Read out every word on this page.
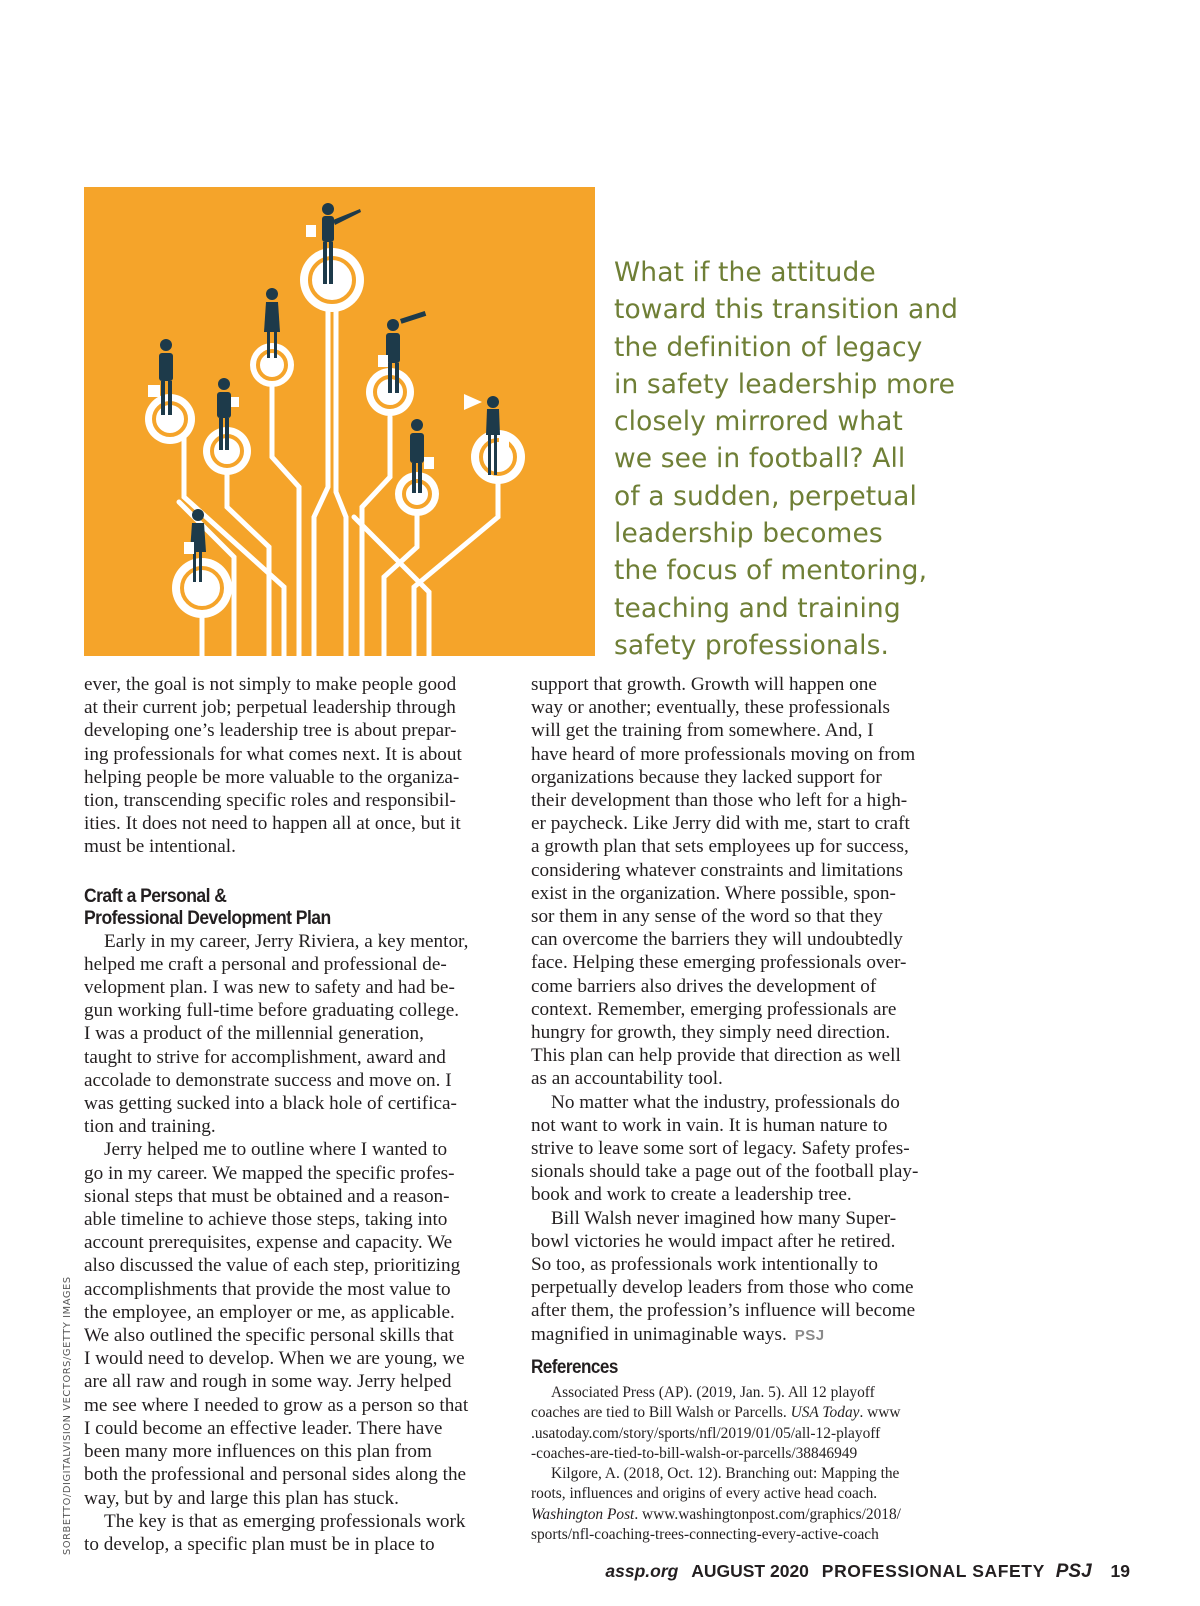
What if the attitude
toward this transition and
the definition of legacy
in safety leadership more
closely mirrored what
we see in football? All
of a sudden, perpetual
leadership becomes
the focus of mentoring,
teaching and training
safety professionals.

ever, the goal is not simply to make people good
at their current job; perpetual leadership through
developing one’s leadership tree is about prepar-
ing professionals for what comes next. It is about
helping people be more valuable to the organiza-
tion, transcending specific roles and responsibil-
ities. It does not need to happen all at once, but it
must be intentional.

Craft a Personal &
Professional Development Plan

Early in my career, Jerry Riviera, a key mentor,
helped me craft a personal and professional de-
velopment plan. I was new to safety and had be-
gun working full-time before graduating college.
I was a product of the millennial generation,
taught to strive for accomplishment, award and
accolade to demonstrate success and move on. I
was getting sucked into a black hole of certifica-
tion and training.

Jerry helped me to outline where I wanted to
go in my career. We mapped the specific profes-
sional steps that must be obtained and a reason-
able timeline to achieve those steps, taking into
account prerequisites, expense and capacity. We
also discussed the value of each step, prioritizing
accomplishments that provide the most value to
the employee, an employer or me, as applicable.
We also outlined the specific personal skills that
I would need to develop. When we are young, we
are all raw and rough in some way. Jerry helped
me see where I needed to grow as a person so that
I could become an effective leader. There have
been many more influences on this plan from
both the professional and personal sides along the
way, but by and large this plan has stuck.

The key is that as emerging professionals work
to develop, a specific plan must be in place to

support that growth. Growth will happen one
way or another; eventually, these professionals
will get the training from somewhere. And, I
have heard of more professionals moving on from
organizations because they lacked support for
their development than those who left for a high-
er paycheck. Like Jerry did with me, start to craft
a growth plan that sets employees up for success,
considering whatever constraints and limitations
exist in the organization. Where possible, spon-
sor them in any sense of the word so that they
can overcome the barriers they will undoubtedly
face. Helping these emerging professionals over-
come barriers also drives the development of
context. Remember, emerging professionals are
hungry for growth, they simply need direction.
This plan can help provide that direction as well
as an accountability tool.

No matter what the industry, professionals do
not want to work in vain. It is human nature to
strive to leave some sort of legacy. Safety profes-
sionals should take a page out of the football play-
book and work to create a leadership tree.

Bill Walsh never imagined how many Super-
bowl victories he would impact after he retired.
So too, as professionals work intentionally to
perpetually develop leaders from those who come
after them, the profession’s influence will become
magnified in unimaginable ways. PSJ

References

Associated Press (AP). (2019, Jan. 5). All 12 playoff
coaches are tied to Bill Walsh or Parcells. USA Today. www
.usatoday.com/story/sports/nfl/2019/01/05/all-12-playoff
-coaches-are-tied-to-bill-walsh-or-parcells/38846949

Kilgore, A. (2018, Oct. 12). Branching out: Mapping the
roots, influences and origins of every active head coach.
Washington Post. www.washingtonpost.com/graphics/2018/
sports/nfl-coaching-trees-connecting-every-active-coach

SORBETTO/DIGITALVISION VECTORS/GETTY IMAGES
assp.org AUGUST 2020 PROFESSIONAL SAFETY PSJ 19
